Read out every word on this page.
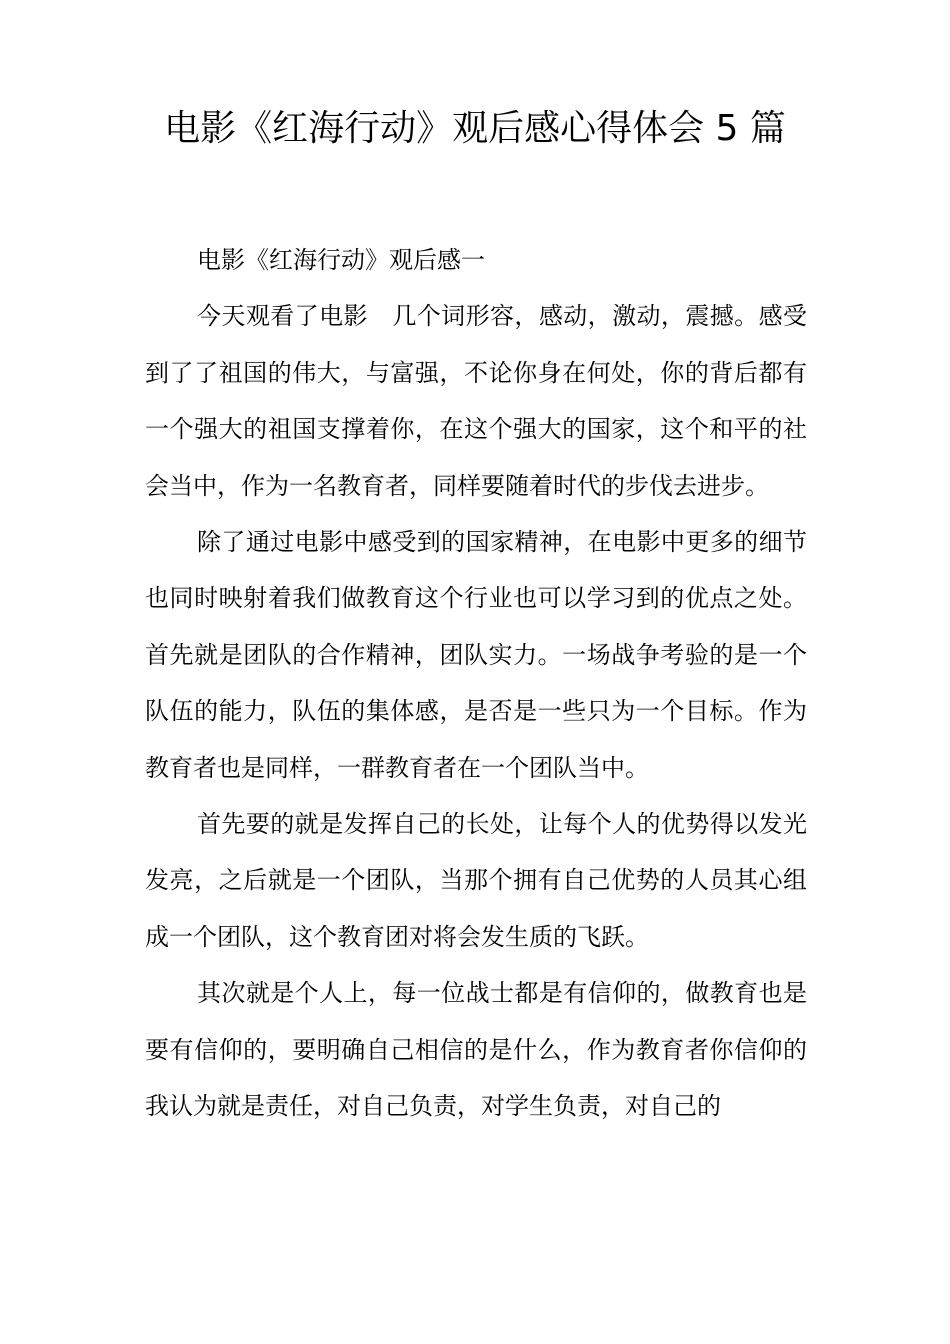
电影《红海行动》观后感心得体会 5 篇
电影《红海行动》观后感一

今天观看了电影　几个词形容，感动，激动，震撼。感受到了了祖国的伟大，与富强，不论你身在何处，你的背后都有一个强大的祖国支撑着你，在这个强大的国家，这个和平的社会当中，作为一名教育者，同样要随着时代的步伐去进步。

除了通过电影中感受到的国家精神，在电影中更多的细节也同时映射着我们做教育这个行业也可以学习到的优点之处。首先就是团队的合作精神，团队实力。一场战争考验的是一个队伍的能力，队伍的集体感，是否是一些只为一个目标。作为教育者也是同样，一群教育者在一个团队当中。

首先要的就是发挥自己的长处，让每个人的优势得以发光发亮，之后就是一个团队，当那个拥有自己优势的人员其心组成一个团队，这个教育团对将会发生质的飞跃。

其次就是个人上，每一位战士都是有信仰的，做教育也是要有信仰的，要明确自己相信的是什么，作为教育者你信仰的我认为就是责任，对自己负责，对学生负责，对自己的
